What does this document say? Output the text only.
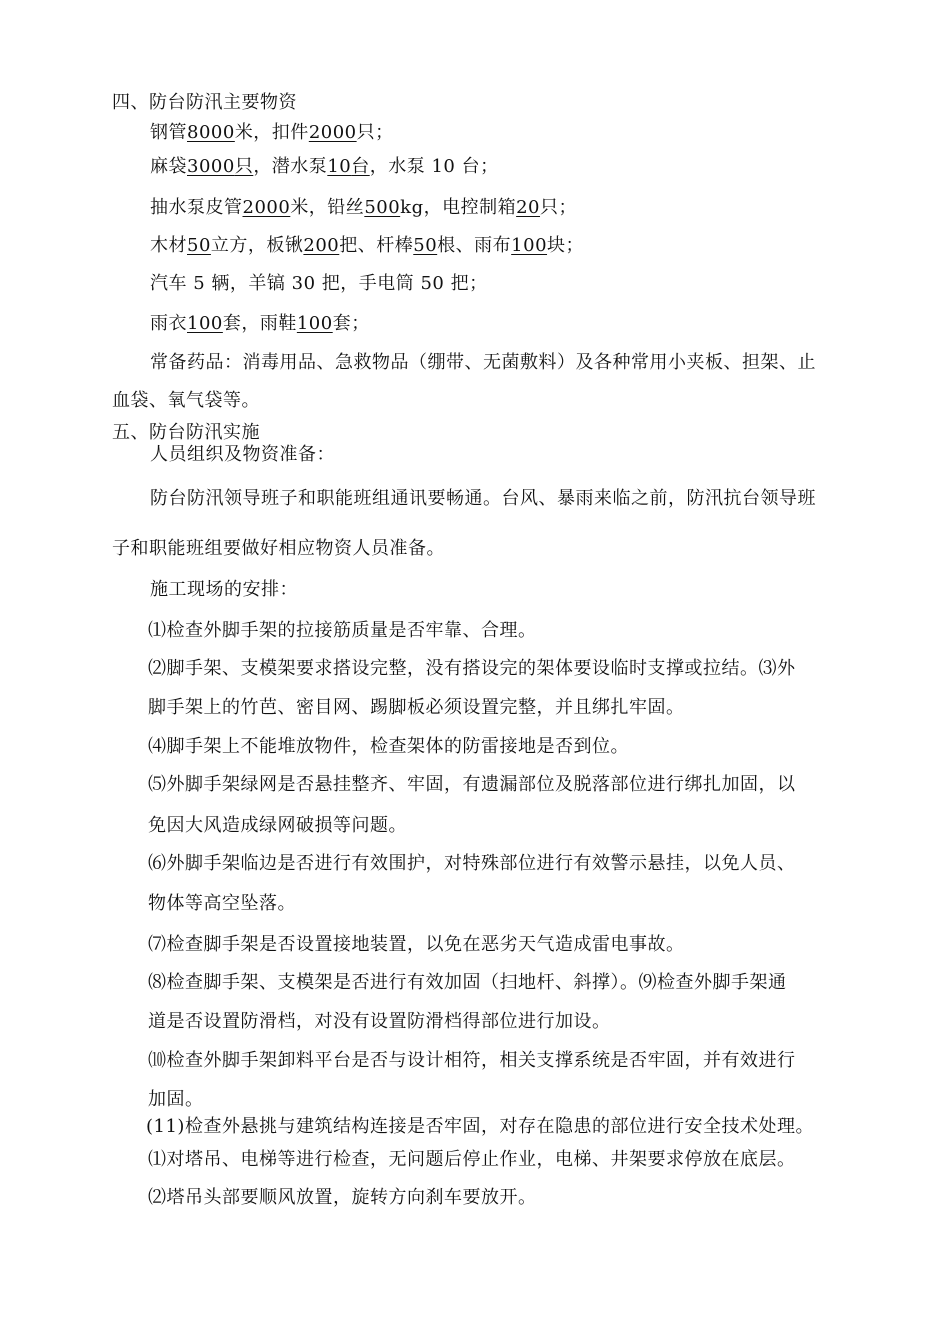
四、防台防汛主要物资
钢管8000米，扣件2000只；
麻袋3000只，潜水泵10台，水泵 10 台；
抽水泵皮管2000米，铅丝500kg，电控制箱20只；
木材50立方，板锹200把、杆棒50根、雨布100块；
汽车 5 辆，羊镐 30 把，手电筒 50 把；
雨衣100套，雨鞋100套；
常备药品：消毒用品、急救物品（绷带、无菌敷料）及各种常用小夹板、担架、止
血袋、氧气袋等。
五、防台防汛实施
人员组织及物资准备：
防台防汛领导班子和职能班组通讯要畅通。台风、暴雨来临之前，防汛抗台领导班
子和职能班组要做好相应物资人员准备。
施工现场的安排：
⑴检查外脚手架的拉接筋质量是否牢靠、合理。
⑵脚手架、支模架要求搭设完整，没有搭设完的架体要设临时支撑或拉结。⑶外
脚手架上的竹芭、密目网、踢脚板必须设置完整，并且绑扎牢固。
⑷脚手架上不能堆放物件，检查架体的防雷接地是否到位。
⑸外脚手架绿网是否悬挂整齐、牢固，有遗漏部位及脱落部位进行绑扎加固，以
免因大风造成绿网破损等问题。
⑹外脚手架临边是否进行有效围护，对特殊部位进行有效警示悬挂，以免人员、
物体等高空坠落。
⑺检查脚手架是否设置接地装置，以免在恶劣天气造成雷电事故。
⑻检查脚手架、支模架是否进行有效加固（扫地杆、斜撑）。⑼检查外脚手架通
道是否设置防滑档，对没有设置防滑档得部位进行加设。
⑽检查外脚手架卸料平台是否与设计相符，相关支撑系统是否牢固，并有效进行
加固。
(11)检查外悬挑与建筑结构连接是否牢固，对存在隐患的部位进行安全技术处理。
⑴对塔吊、电梯等进行检查，无问题后停止作业，电梯、井架要求停放在底层。
⑵塔吊头部要顺风放置，旋转方向刹车要放开。
